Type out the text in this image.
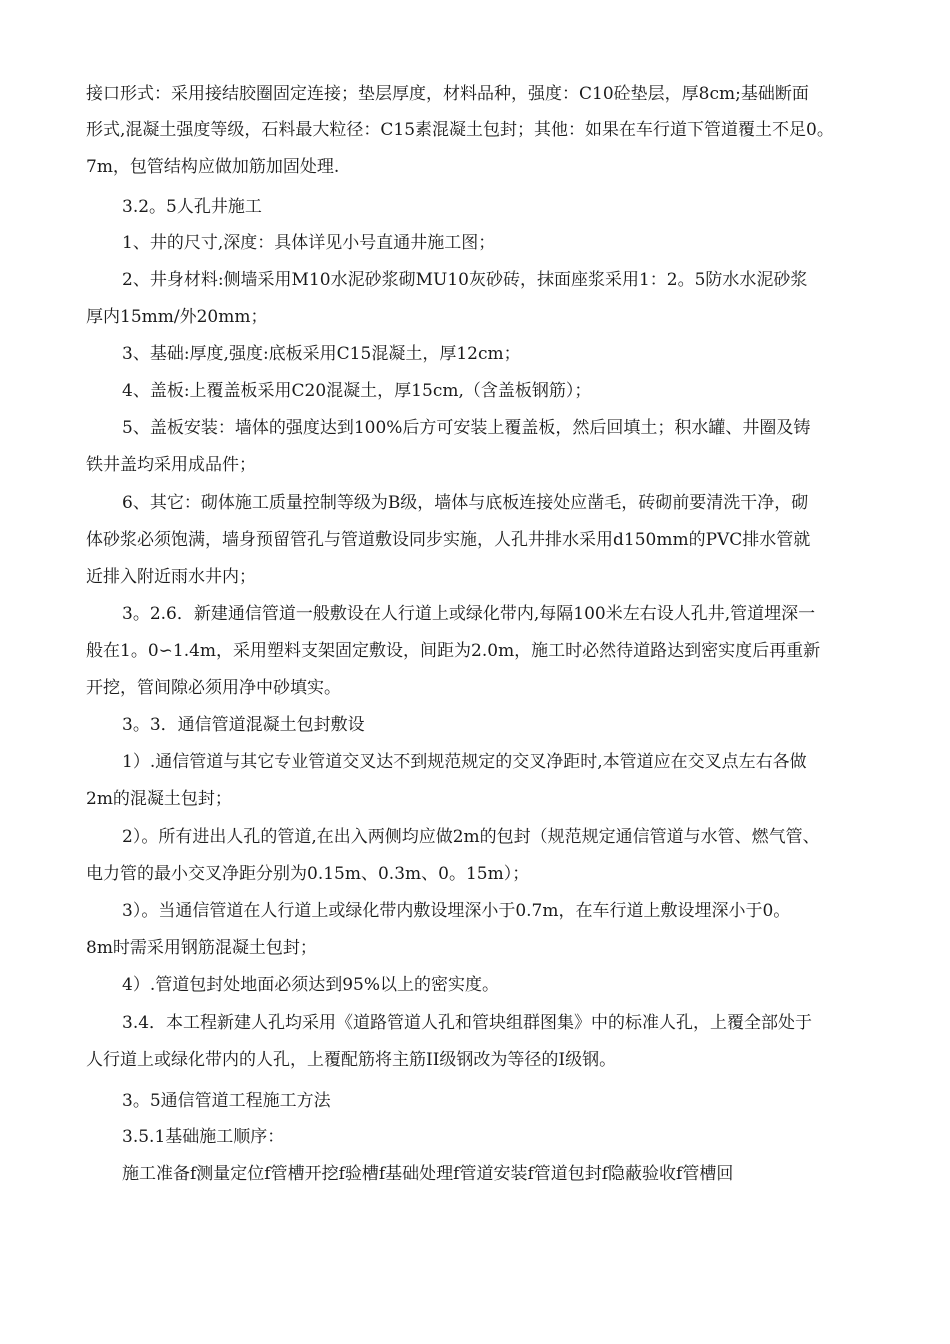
接口形式：采用接结胶圈固定连接；垫层厚度，材料品种，强度：C10砼垫层，厚8cm;基础断面
形式,混凝土强度等级，石料最大粒径：C15素混凝土包封；其他：如果在车行道下管道覆土不足0。
7m，包管结构应做加筋加固处理.
3.2。5人孔井施工
1、井的尺寸,深度：具体详见小号直通井施工图；
2、井身材料:侧墙采用M10水泥砂浆砌MU10灰砂砖，抹面座浆采用1：2。5防水水泥砂浆
厚内15mm/外20mm；
3、基础:厚度,强度:底板采用C15混凝土，厚12cm；
4、盖板:上覆盖板采用C20混凝土，厚15cm,（含盖板钢筋）；
5、盖板安装：墙体的强度达到100%后方可安装上覆盖板，然后回填土；积水罐、井圈及铸
铁井盖均采用成品件；
6、其它：砌体施工质量控制等级为B级，墙体与底板连接处应凿毛，砖砌前要清洗干净，砌
体砂浆必须饱满，墙身预留管孔与管道敷设同步实施，人孔井排水采用d150mm的PVC排水管就
近排入附近雨水井内；
3。2.6．新建通信管道一般敷设在人行道上或绿化带内,每隔100米左右设人孔井,管道埋深一
般在1。0∽1.4m，采用塑料支架固定敷设，间距为2.0m，施工时必然待道路达到密实度后再重新
开挖，管间隙必须用净中砂填实。
3。3．通信管道混凝土包封敷设
1）.通信管道与其它专业管道交叉达不到规范规定的交叉净距时,本管道应在交叉点左右各做
2m的混凝土包封；
2）。所有进出人孔的管道,在出入两侧均应做2m的包封（规范规定通信管道与水管、燃气管、
电力管的最小交叉净距分别为0.15m、0.3m、0。15m）；
3）。当通信管道在人行道上或绿化带内敷设埋深小于0.7m，在车行道上敷设埋深小于0。
8m时需采用钢筋混凝土包封；
4）.管道包封处地面必须达到95%以上的密实度。
3.4．本工程新建人孔均采用《道路管道人孔和管块组群图集》中的标准人孔，上覆全部处于
人行道上或绿化带内的人孔，上覆配筋将主筋II级钢改为等径的I级钢。
3。5通信管道工程施工方法
3.5.1基础施工顺序：
施工准备f测量定位f管槽开挖f验槽f基础处理f管道安装f管道包封f隐蔽验收f管槽回
